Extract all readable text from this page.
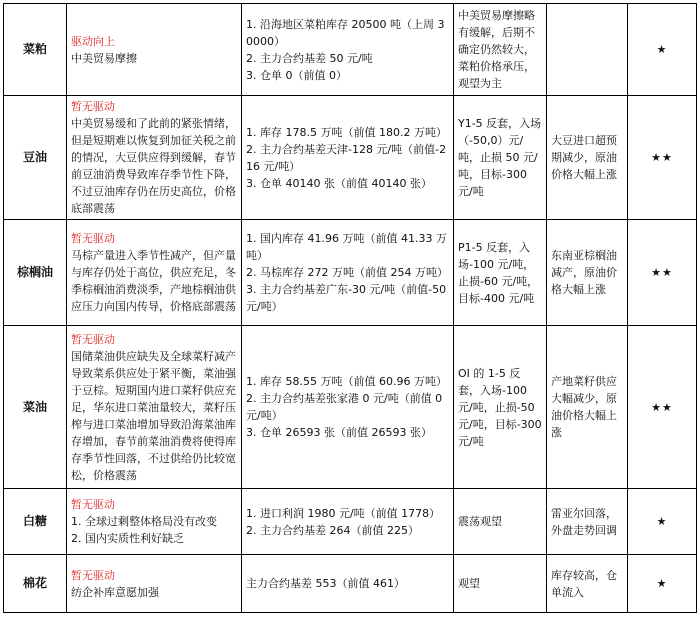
菜粕	驱动向上
中美贸易摩擦	1. 沿海地区菜粕库存 20500 吨（上周 30000）
2. 主力合约基差 50 元/吨
3. 仓单 0（前值 0）	中美贸易摩擦略有缓解，后期不确定仍然较大，菜粕价格承压，观望为主		★
豆油	暂无驱动
中美贸易缓和了此前的紧张情绪，但是短期难以恢复到加征关税之前的情况，大豆供应得到缓解，春节前豆油消费导致库存季节性下降，不过豆油库存仍在历史高位，价格底部震荡	1. 库存 178.5 万吨（前值 180.2 万吨）
2. 主力合约基差天津-128 元/吨（前值-216 元/吨）
3. 仓单 40140 张（前值 40140 张）	Y1-5 反套，入场（-50,0）元/吨，止损 50 元/吨，目标-300 元/吨	大豆进口超预期减少，原油价格大幅上涨	★★
棕榈油	暂无驱动
马棕产量进入季节性减产，但产量与库存仍处于高位，供应充足，冬季棕榈油消费淡季，产地棕榈油供应压力向国内传导，价格底部震荡	1. 国内库存 41.96 万吨（前值 41.33 万吨）
2. 马棕库存 272 万吨（前值 254 万吨）
3. 主力合约基差广东-30 元/吨（前值-50 元/吨）	P1-5 反套，入场-100 元/吨，止损-60 元/吨，目标-400 元/吨	东南亚棕榈油减产，原油价格大幅上涨	★★
菜油	暂无驱动
国储菜油供应缺失及全球菜籽减产导致菜系供应处于紧平衡，菜油强于豆棕。短期国内进口菜籽供应充足，华东进口菜油量较大，菜籽压榨与进口菜油增加导致沿海菜油库存增加，春节前菜油消费将使得库存季节性回落，不过供给仍比较宽松，价格震荡	1. 库存 58.55 万吨（前值 60.96 万吨）
2. 主力合约基差张家港 0 元/吨（前值 0 元/吨）
3. 仓单 26593 张（前值 26593 张）	OI 的 1-5 反套，入场-100 元/吨，止损-50 元/吨，目标-300 元/吨	产地菜籽供应大幅减少，原油价格大幅上涨	★★
白糖	暂无驱动
1. 全球过剩整体格局没有改变
2. 国内实质性利好缺乏	1. 进口利润 1980 元/吨（前值 1778）
2. 主力合约基差 264（前值 225）	震荡观望	雷亚尔回落，外盘走势回调	★
棉花	暂无驱动
纺企补库意愿加强	主力合约基差 553（前值 461）	观望	库存较高，仓单流入	★
